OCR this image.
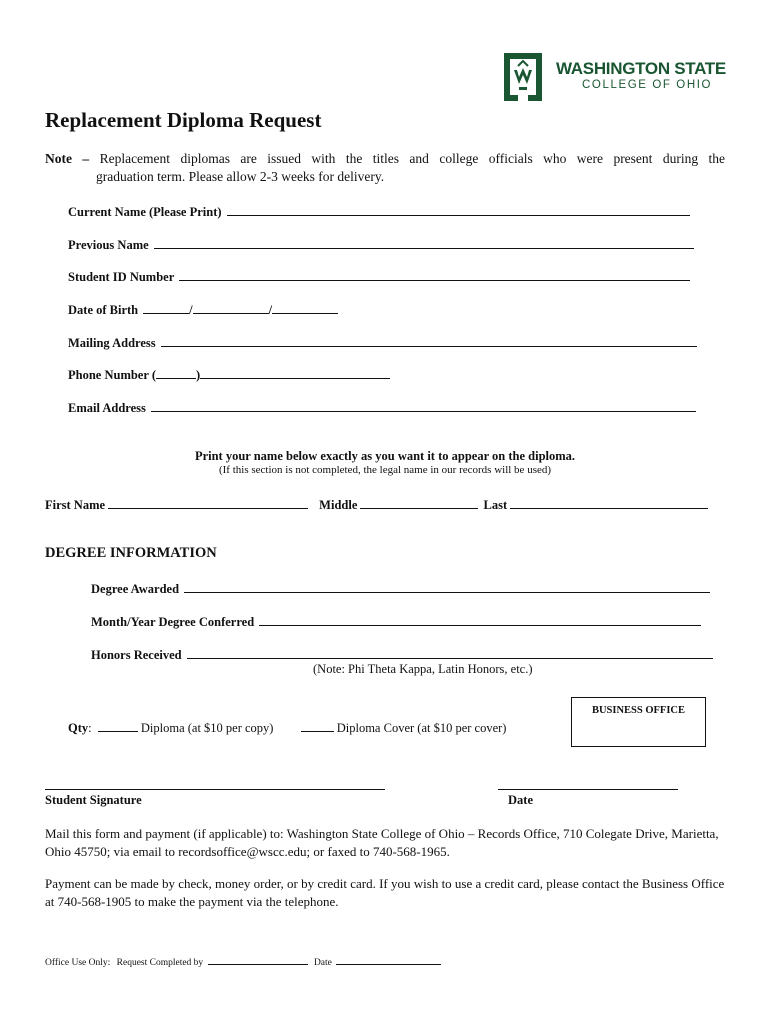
WASHINGTON STATE
COLLEGE OF OHIO
Replacement Diploma Request
Note – Replacement diplomas are issued with the titles and college officials who were present during the
graduation term. Please allow 2-3 weeks for delivery.
Current Name (Please Print)
Previous Name
Student ID Number
Date of Birth	/	/
Mailing Address
Phone Number (	)
Email Address
Print your name below exactly as you want it to appear on the diploma.
(If this section is not completed, the legal name in our records will be used)
First Name	Middle	Last
DEGREE INFORMATION
Degree Awarded
Month/Year Degree Conferred
Honors Received
(Note: Phi Theta Kappa, Latin Honors, etc.)
Qty:	Diploma (at $10 per copy)	Diploma Cover (at $10 per cover)
BUSINESS OFFICE
Student Signature	Date
Mail this form and payment (if applicable) to: Washington State College of Ohio – Records Office, 710 Colegate Drive, Marietta, Ohio 45750; via email to recordsoffice@wscc.edu; or faxed to 740-568-1965.
Payment can be made by check, money order, or by credit card. If you wish to use a credit card, please contact the Business Office at 740-568-1905 to make the payment via the telephone.
Office Use Only: Request Completed by	Date
